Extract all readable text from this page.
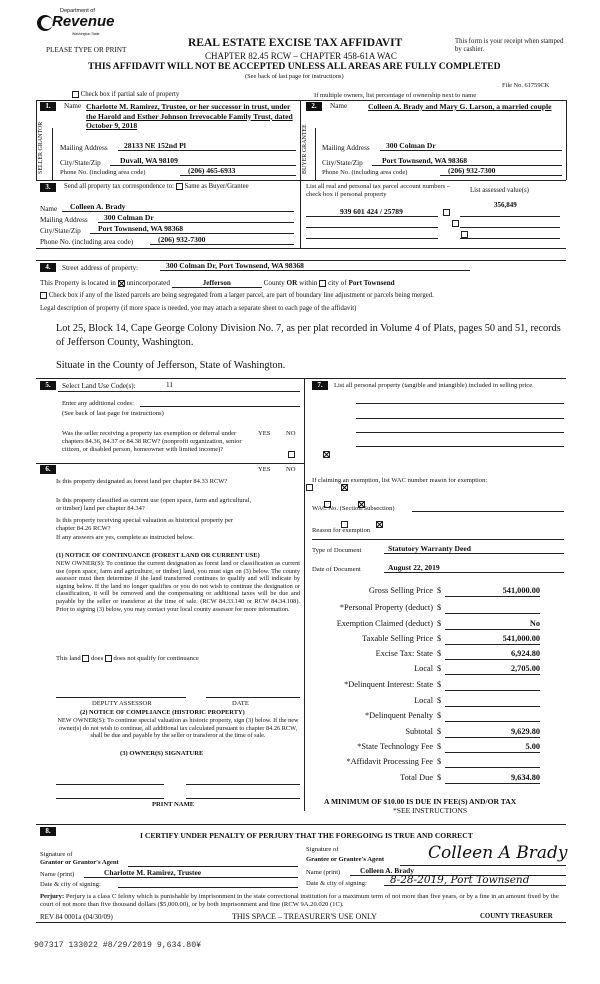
Department of
Revenue
Washington State
PLEASE TYPE OR PRINT
REAL ESTATE EXCISE TAX AFFIDAVIT
CHAPTER 82.45 RCW – CHAPTER 458-61A WAC
This form is your receipt when stamped by cashier.
THIS AFFIDAVIT WILL NOT BE ACCEPTED UNLESS ALL AREAS ARE FULLY COMPLETED
(See back of last page for instructions)
File No. 61759CK
Check box if partial sale of property	If multiple owners, list percentage of ownership next to name
1.	Name Charlotte M. Ramirez, Trustee, or her successor in trust, under the Harold and Esther Johnson Irrevocable Family Trust, dated October 9, 2018
SELLER GRANTOR Mailing Address	28133 NE 152nd Pl
City/State/Zip	Duvall, WA 98109
Phone No. (including area code)	(206) 465-6933
2.	Name	Colleen A. Brady and Mary G. Larson, a married couple
BUYER GRANTEE Mailing Address	300 Colman Dr
City/State/Zip	Port Townsend, WA 98368
Phone No. (including area code)	(206) 932-7300
3.	Send all property tax correspondence to: Same as Buyer/Grantee
Name	Colleen A. Brady
Mailing Address	300 Colman Dr
City/State/Zip	Port Townsend, WA 98368
Phone No. (including area code)	(206) 932-7300
List all real and personal tax parcel account numbers – check box if personal property
List assessed value(s)
939 601 424 / 25789
356,849

4.	Street address of property:	300 Colman Dr, Port Townsend, WA 98368
This Property is located in unincorporated	Jefferson	County OR within city of Port Townsend
Check box if any of the listed parcels are being segregated from a larger parcel, are part of boundary line adjustment or parcels being merged.
Legal description of property (if more space is needed, you may attach a separate sheet to each page of the affidavit)
Lot 25, Block 14, Cape George Colony Division No. 7, as per plat recorded in Volume 4 of Plats, pages 50 and 51, records of Jefferson County, Washington.
Situate in the County of Jefferson, State of Washington.
5.	Select Land Use Code(s):	11
Enter any additional codes:
(See back of last page for instructions)
YES NO
Was the seller receiving a property tax exemption or deferral under chapters 84.36, 84.37 or 84.38 RCW? (nonprofit organization, senior citizen, or disabled person, homeowner with limited income)?

6.	YES NO
Is this property designated as forest land per chapter 84.33 RCW?

Is this property classified as current use (open space, farm and agricultural, or timber) land per chapter 84.34?

Is this property receiving special valuation as historical property per chapter 84.26 RCW?

If any answers are yes, complete as instructed below.
(1) NOTICE OF CONTINUANCE (FOREST LAND OR CURRENT USE)
NEW OWNER(S): To continue the current designation as forest land or classification as current use (open space, farm and agriculture, or timber) land, you must sign on (3) below. The county assessor must then determine if the land transferred continues to qualify and will indicate by signing below. If the land no longer qualifies or you do not wish to continue the designation or classification, it will be removed and the compensating or additional taxes will be due and payable by the seller or transferor at the time of sale. (RCW 84.33.140 or RCW 84.34.108). Prior to signing (3) below, you may contact your local county assessor for more information.
This land does does not qualify for continuance
DEPUTY ASSESSOR	DATE
(2) NOTICE OF COMPLIANCE (HISTORIC PROPERTY)
NEW OWNER(S): To continue special valuation as historic property, sign (3) below. If the new owner(s) do not wish to continue, all additional tax calculated pursuant to chapter 84.26 RCW, shall be due and payable by the seller or transferor at the time of sale.
(3) OWNER(S) SIGNATURE
PRINT NAME
7.	List all personal property (tangible and intangible) included in selling price.
If claiming an exemption, list WAC number reason for exemption:
WAC No. (Section/Subsection)
Reason for exemption
Type of Document	Statutory Warranty Deed
Date of Document	August 22, 2019
Gross Selling Price $	541,000.00
*Personal Property (deduct) $
Exemption Claimed (deduct) $	No
Taxable Selling Price $	541,000.00
Excise Tax: State $	6,924.80
Local $	2,705.00
*Delinquent Interest: State $
Local $
*Delinquent Penalty $
Subtotal $	9,629.80
*State Technology Fee $	5.00
*Affidavit Processing Fee $
Total Due $	9,634.80
A MINIMUM OF $10.00 IS DUE IN FEE(S) AND/OR TAX
*SEE INSTRUCTIONS
8.	I CERTIFY UNDER PENALTY OF PERJURY THAT THE FOREGOING IS TRUE AND CORRECT
Signature of
Grantor or Grantor's Agent
Name (print)	Charlotte M. Ramirez, Trustee
Date & city of signing:
Signature of
Grantee or Grantee's Agent	Colleen A Brady
Name (print)	Colleen A. Brady
Date & city of signing:	8-28-2019, Port Townsend
Perjury: Perjury is a class C felony which is punishable by imprisonment in the state correctional institution for a maximum term of not more than five years, or by a fine in an amount fixed by the court of not more than five thousand dollars ($5,000.00), or by both imprisonment and fine (RCW 9A.20.020 (1C).
REV 84 0001a (04/30/09)	THIS SPACE – TREASURER'S USE ONLY	COUNTY TREASURER
907317 133022 #8/29/2019 9,634.80¥
